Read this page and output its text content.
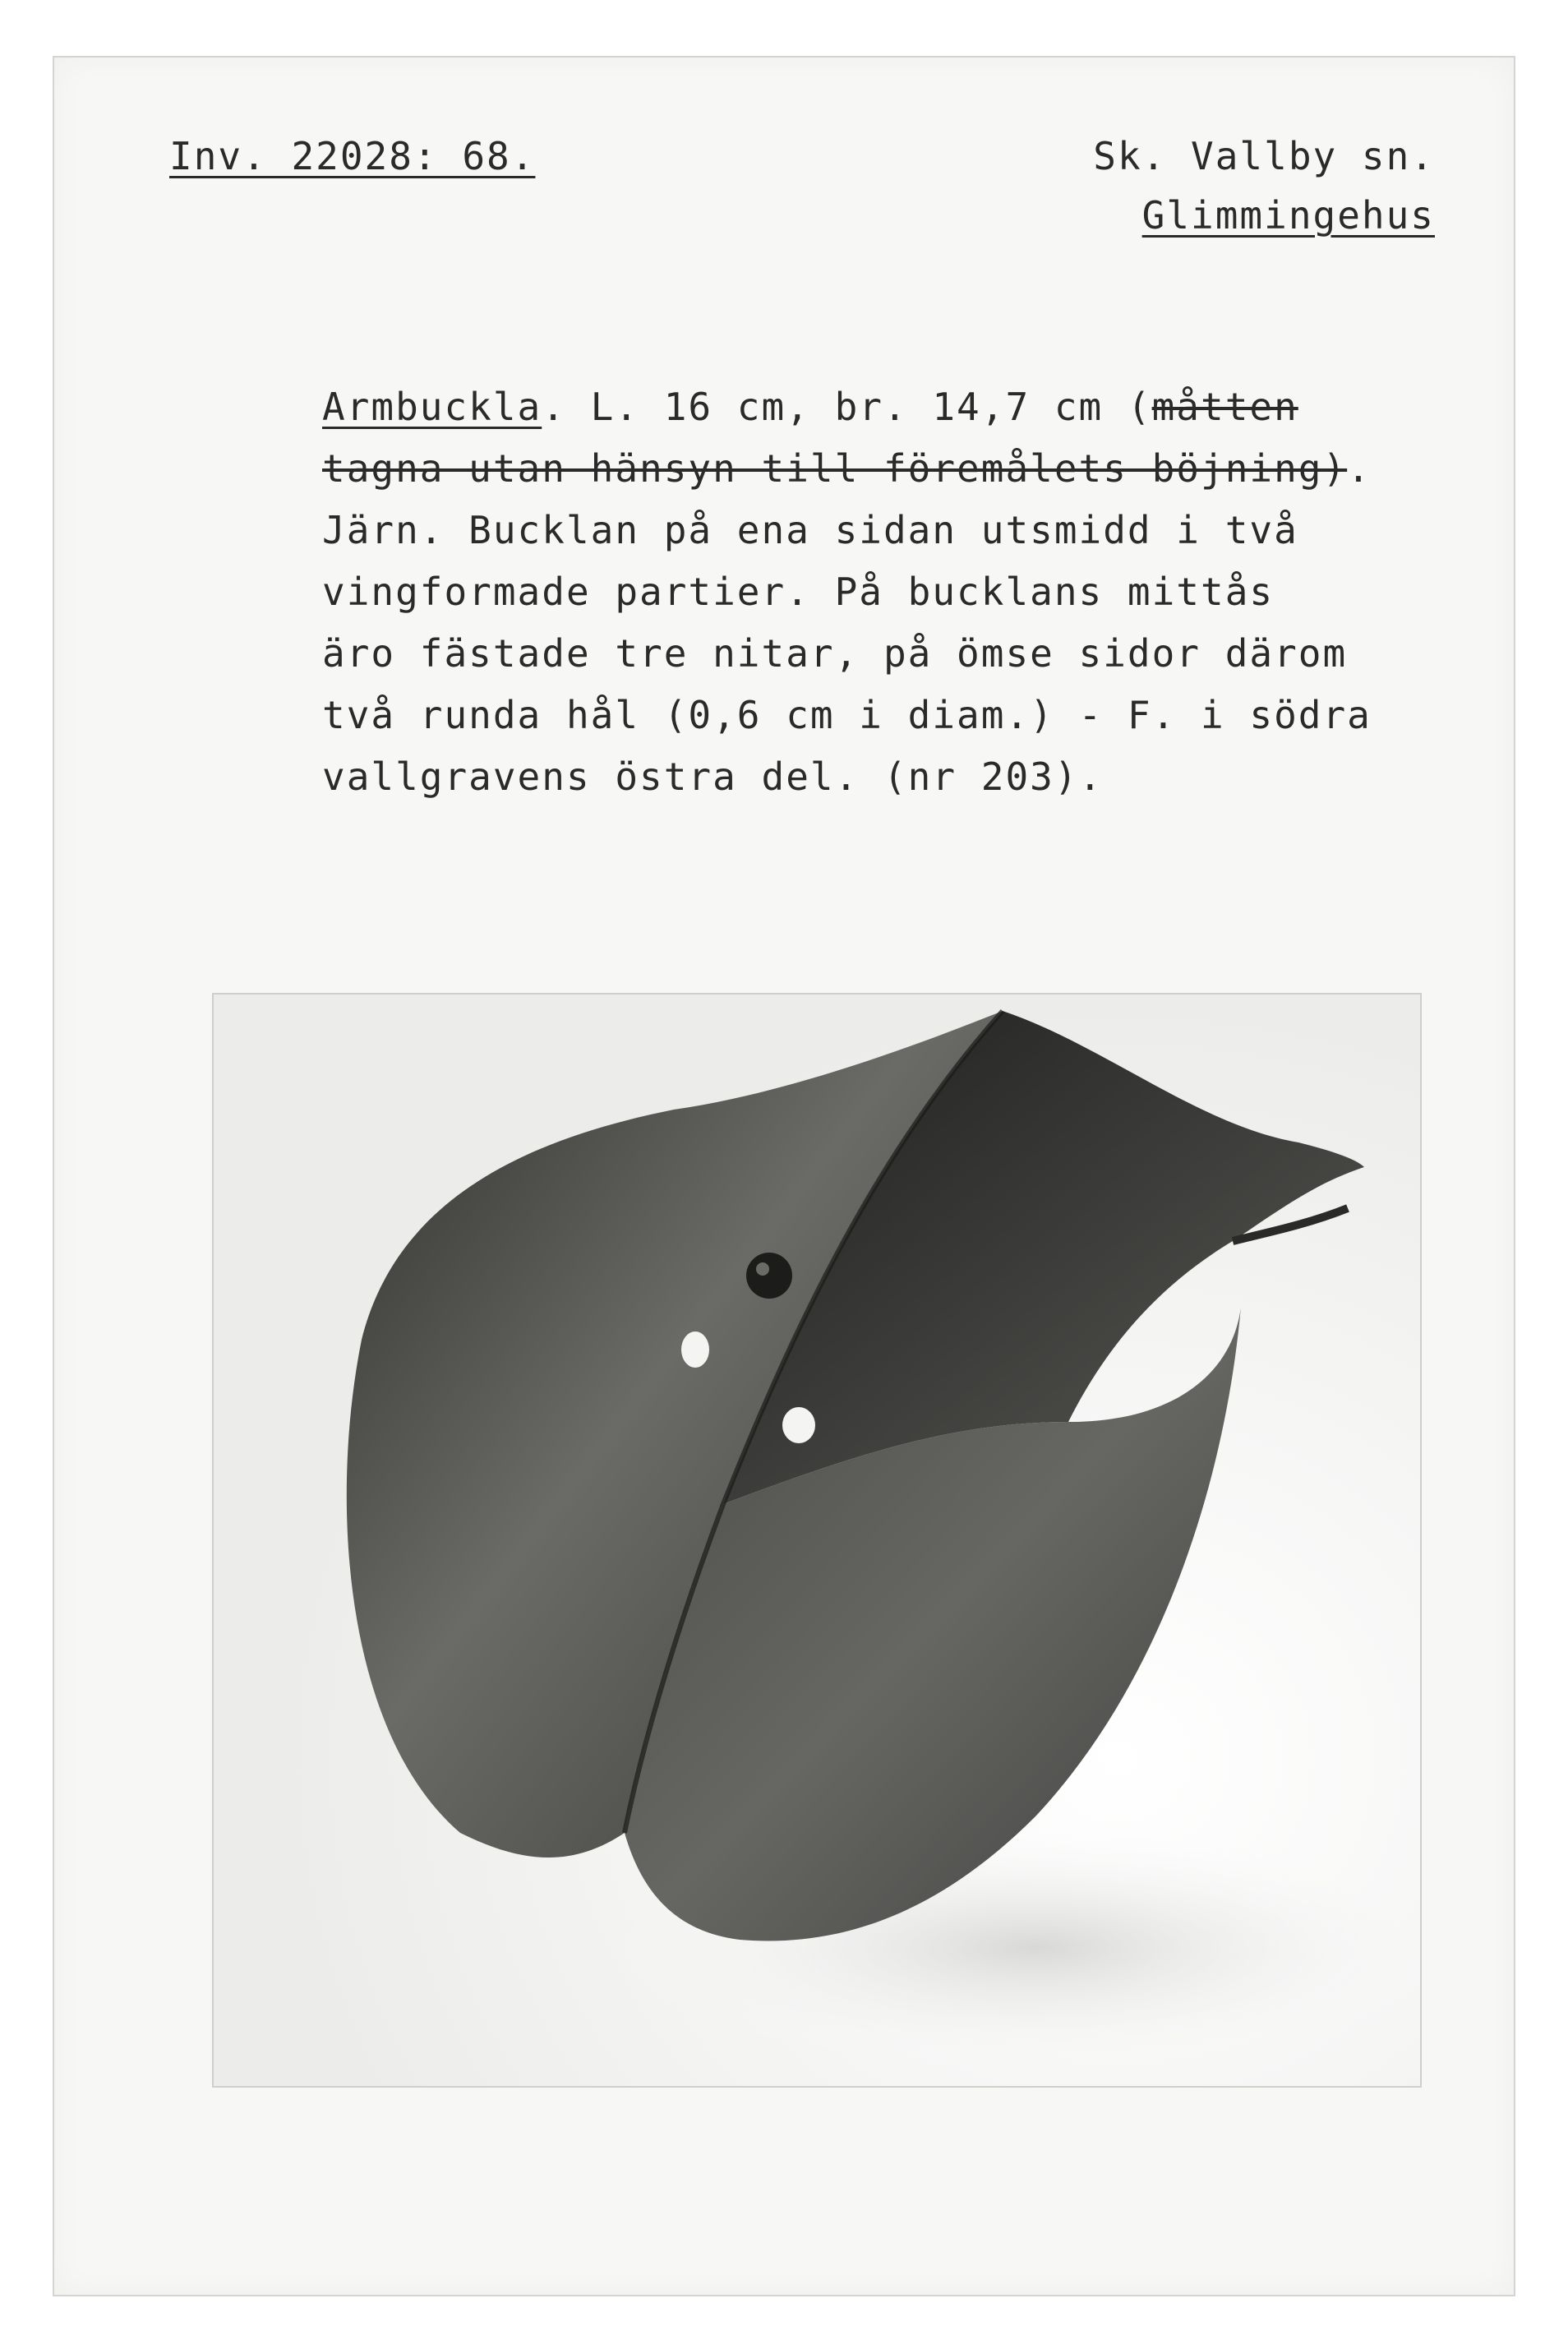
Inv. 22028: 68.	Sk. Vallby sn.
Glimmingehus
Armbuckla. L. 16 cm, br. 14,7 cm (måtten
tagna utan hänsyn till föremålets böjning).
Järn. Bucklan på ena sidan utsmidd i två
vingformade partier. På bucklans mittås
äro fästade tre nitar, på ömse sidor därom
två runda hål (0,6 cm i diam.) - F. i södra
vallgravens östra del. (nr 203).
